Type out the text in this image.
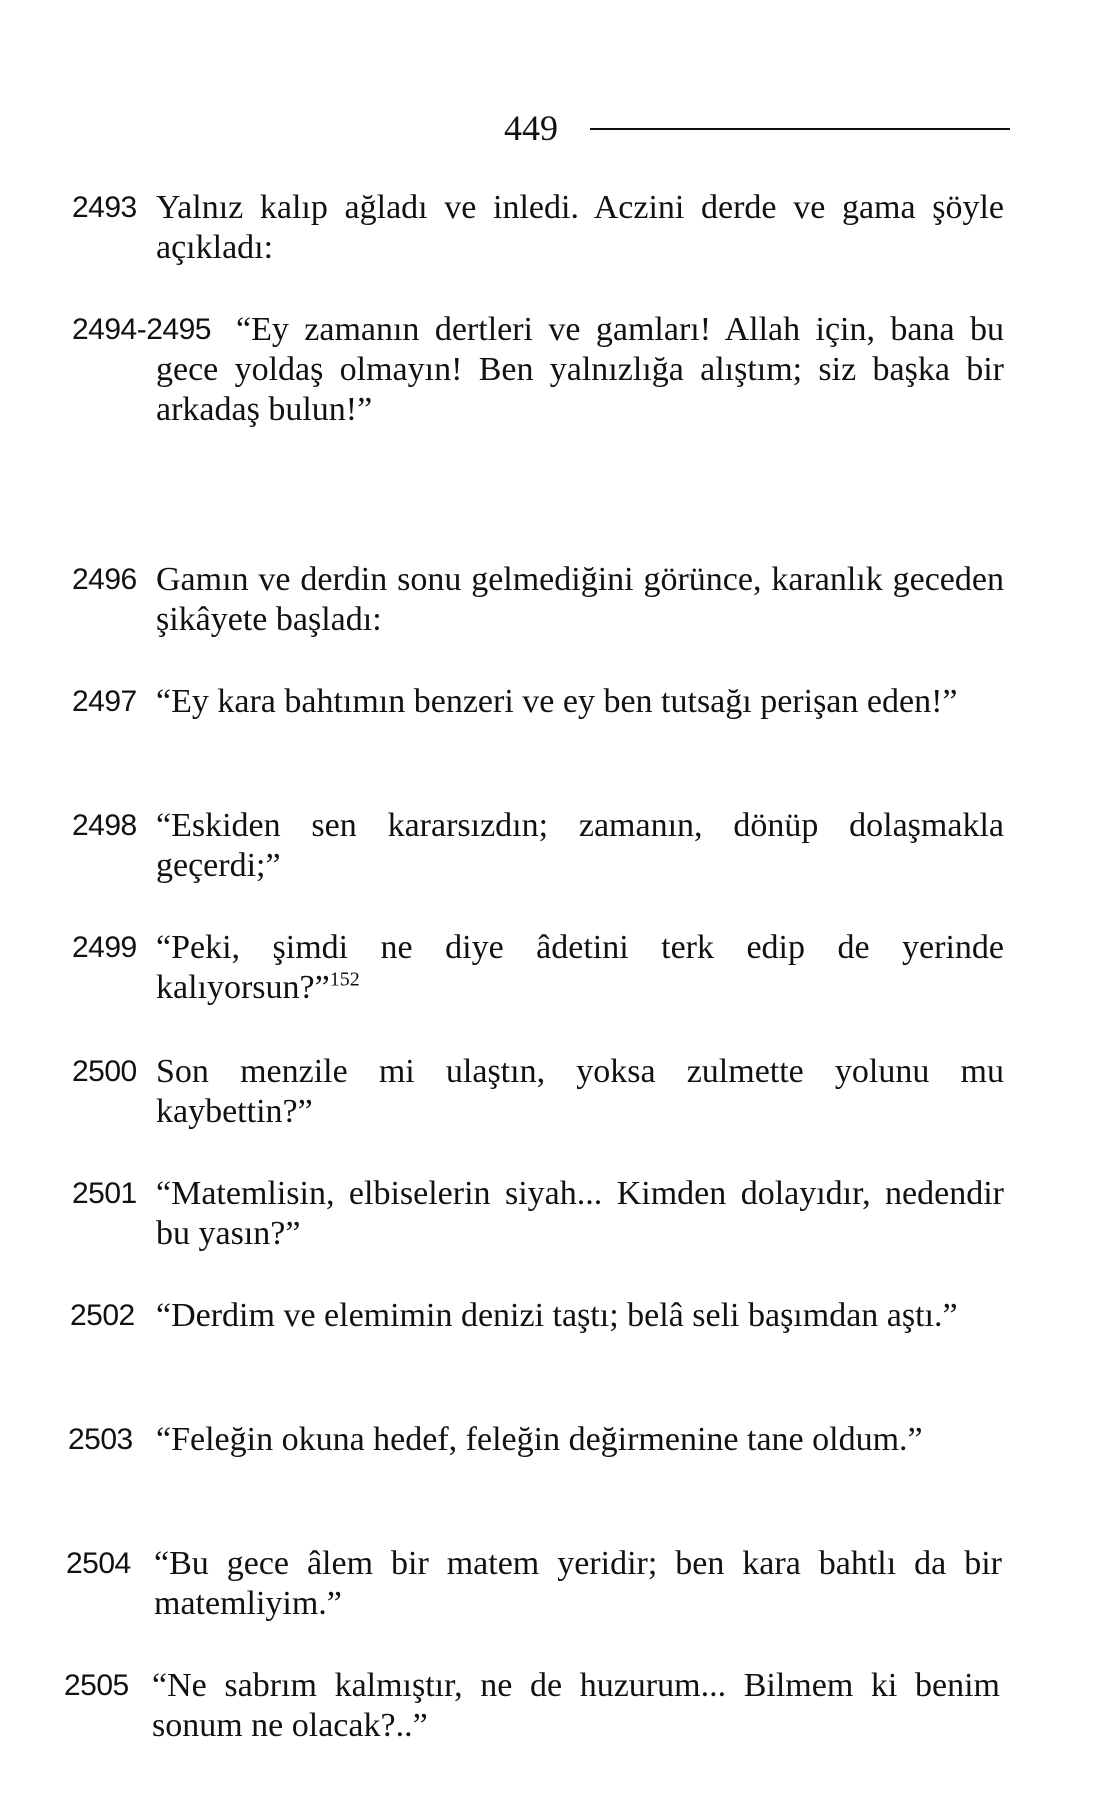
449
2493 Yalnız kalıp ağladı ve inledi. Aczini derde ve gama şöyle açıkladı:
2494-2495 “Ey zamanın dertleri ve gamları! Allah için, bana bu gece yoldaş olmayın! Ben yalnızlığa alıştım; siz başka bir arkadaş bulun!”
2496 Gamın ve derdin sonu gelmediğini görünce, karanlık geceden şikâyete başladı:
2497 “Ey kara bahtımın benzeri ve ey ben tutsağı perişan eden!”
2498 “Eskiden sen kararsızdın; zamanın, dönüp dolaşmakla geçerdi;”
2499 “Peki, şimdi ne diye âdetini terk edip de yerinde kalıyorsun?”$^{152}$
2500 Son menzile mi ulaştın, yoksa zulmette yolunu mu kaybettin?”
2501 “Matemlisin, elbiselerin siyah... Kimden dolayıdır, nedendir bu yasın?”
2502 “Derdim ve elemimin denizi taştı; belâ seli başımdan aştı.”
2503 “Feleğin okuna hedef, feleğin değirmenine tane oldum.”
2504 “Bu gece âlem bir matem yeridir; ben kara bahtlı da bir matemliyim.”
2505 “Ne sabrım kalmıştır, ne de huzurum... Bilmem ki benim sonum ne olacak?..”
